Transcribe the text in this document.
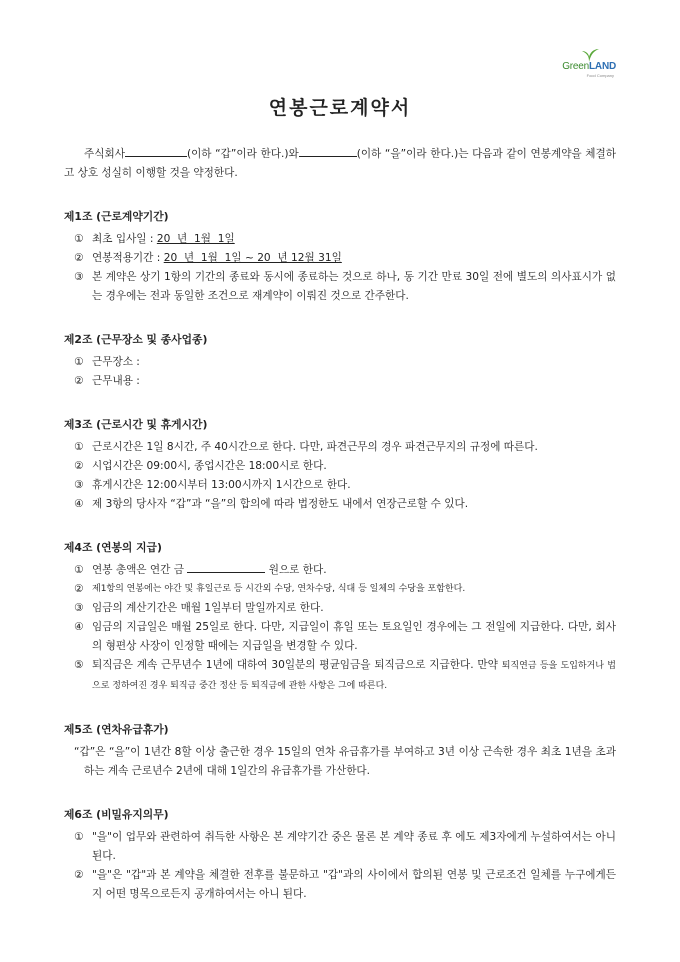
GreenLAND
Food Company
연봉근로계약서

주식회사	(이하 “갑”이라 한다.)와	(이하 “을”이라 한다.)는 다음과 같이 연봉계약을 체결하고 상호 성실히 이행할 것을 약정한다.

제1조 (근로계약기간)
① 최초 입사일 : 20  년  1월  1일
② 연봉적용기간 : 20  년  1월  1일 ~ 20  년 12월 31일
③ 본 계약은 상기 1항의 기간의 종료와 동시에 종료하는 것으로 하나, 동 기간 만료 30일 전에 별도의 의사표시가 없는 경우에는 전과 동일한 조건으로 재계약이 이뤄진 것으로 간주한다.
제2조 (근무장소 및 종사업종)
① 근무장소 :
② 근무내용 :
제3조 (근로시간 및 휴게시간)
① 근로시간은 1일 8시간, 주 40시간으로 한다. 다만, 파견근무의 경우 파견근무지의 규정에 따른다.
② 시업시간은 09:00시, 종업시간은 18:00시로 한다.
③ 휴게시간은 12:00시부터 13:00시까지 1시간으로 한다.
④ 제 3항의 당사자 “갑”과 “을”의 합의에 따라 법정한도 내에서 연장근로할 수 있다.
제4조 (연봉의 지급)
① 연봉 총액은 연간 금	원으로 한다.
② 제1항의 연봉에는 야간 및 휴일근로 등 시간외 수당, 연차수당, 식대 등 일체의 수당을 포함한다.
③ 임금의 계산기간은 매월 1일부터 말일까지로 한다.
④ 임금의 지급일은 매월 25일로 한다. 다만, 지급일이 휴일 또는 토요일인 경우에는 그 전일에 지급한다. 다만, 회사의 형편상 사장이 인정할 때에는 지급일을 변경할 수 있다.
⑤ 퇴직금은 계속 근무년수 1년에 대하여 30일분의 평균임금을 퇴직금으로 지급한다. 만약 퇴직연금 등을 도입하거나 법으로 정하여진 경우 퇴직금 중간 정산 등 퇴직금에 관한 사항은 그에 따른다.
제5조 (연차유급휴가)
“갑”은 “을”이 1년간 8할 이상 출근한 경우 15일의 연차 유급휴가를 부여하고 3년 이상 근속한 경우 최초 1년을 초과하는 계속 근로년수 2년에 대해 1일간의 유급휴가를 가산한다.
제6조 (비밀유지의무)
① "을"이 업무와 관련하여 취득한 사항은 본 계약기간 중은 물론 본 계약 종료 후 에도 제3자에게 누설하여서는 아니 된다.
② "을"은 "갑"과 본 계약을 체결한 전후를 불문하고 "갑"과의 사이에서 합의된 연봉 및 근로조건 일체를 누구에게든지 어떤 명목으로든지 공개하여서는 아니 된다.
